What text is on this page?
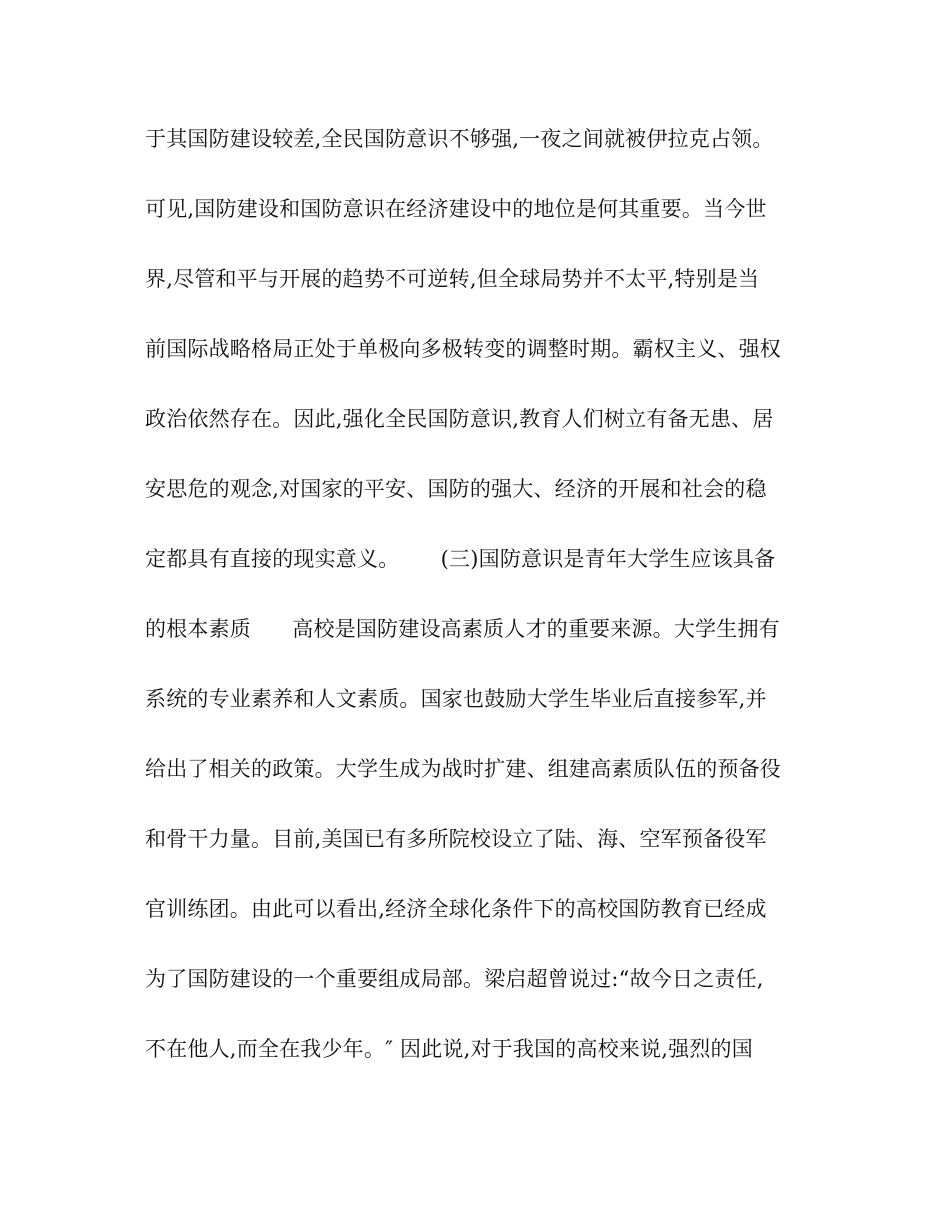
于其国防建设较差,全民国防意识不够强,一夜之间就被伊拉克占领。
可见,国防建设和国防意识在经济建设中的地位是何其重要。当今世
界,尽管和平与开展的趋势不可逆转,但全球局势并不太平,特别是当
前国际战略格局正处于单极向多极转变的调整时期。霸权主义、强权
政治依然存在。因此,强化全民国防意识,教育人们树立有备无患、居
安思危的观念,对国家的平安、国防的强大、经济的开展和社会的稳
定都具有直接的现实意义。      (三)国防意识是青年大学生应该具备
的根本素质      高校是国防建设高素质人才的重要来源。大学生拥有
系统的专业素养和人文素质。国家也鼓励大学生毕业后直接参军,并
给出了相关的政策。大学生成为战时扩建、组建高素质队伍的预备役
和骨干力量。目前,美国已有多所院校设立了陆、海、空军预备役军
官训练团。由此可以看出,经济全球化条件下的高校国防教育已经成
为了国防建设的一个重要组成局部。梁启超曾说过:“故今日之责任,
不在他人,而全在我少年。″ 因此说,对于我国的高校来说,强烈的国
